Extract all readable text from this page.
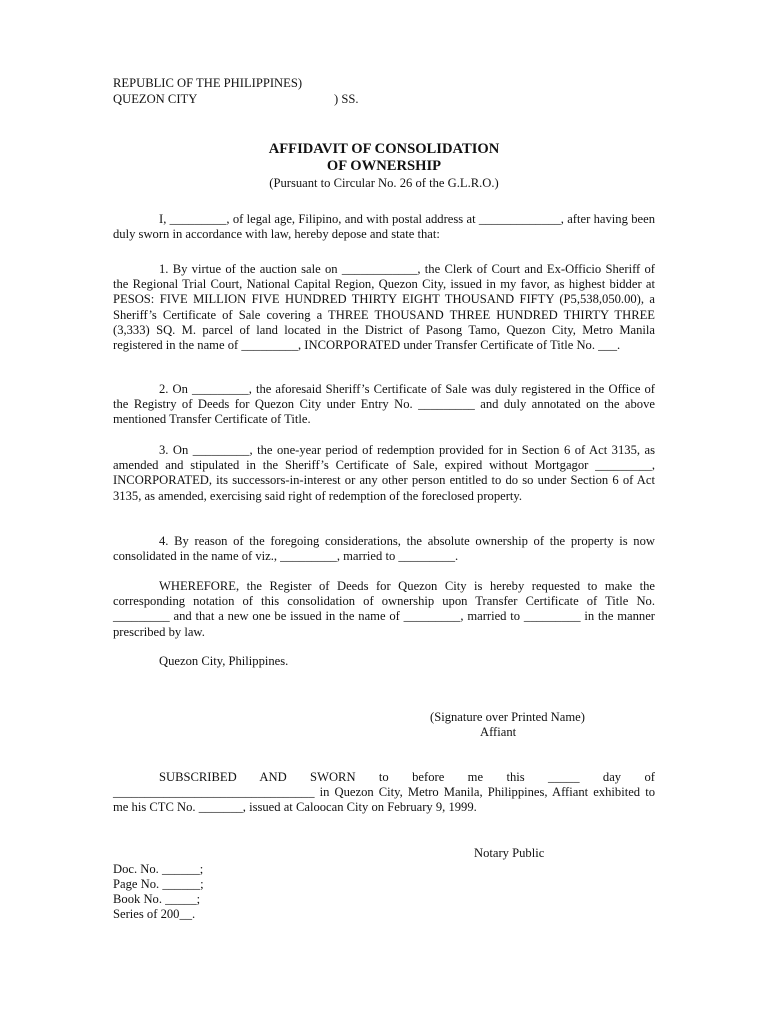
REPUBLIC OF THE PHILIPPINES)
QUEZON CITY	) SS.
AFFIDAVIT OF CONSOLIDATION
OF OWNERSHIP
(Pursuant to Circular No. 26 of the G.L.R.O.)

I, _________, of legal age, Filipino, and with postal address at _____________, after having been duly sworn in accordance with law, hereby depose and state that:

1. By virtue of the auction sale on ____________, the Clerk of Court and Ex-Officio Sheriff of the Regional Trial Court, National Capital Region, Quezon City, issued in my favor, as highest bidder at PESOS: FIVE MILLION FIVE HUNDRED THIRTY EIGHT THOUSAND FIFTY (P5,538,050.00), a Sheriff’s Certificate of Sale covering a THREE THOUSAND THREE HUNDRED THIRTY THREE (3,333) SQ. M. parcel of land located in the District of Pasong Tamo, Quezon City, Metro Manila registered in the name of _________, INCORPORATED under Transfer Certificate of Title No. ___.

2. On _________, the aforesaid Sheriff’s Certificate of Sale was duly registered in the Office of the Registry of Deeds for Quezon City under Entry No. _________ and duly annotated on the above mentioned Transfer Certificate of Title.

3. On _________, the one-year period of redemption provided for in Section 6 of Act 3135, as amended and stipulated in the Sheriff’s Certificate of Sale, expired without Mortgagor _________, INCORPORATED, its successors-in-interest or any other person entitled to do so under Section 6 of Act 3135, as amended, exercising said right of redemption of the foreclosed property.

4. By reason of the foregoing considerations, the absolute ownership of the property is now consolidated in the name of viz., _________, married to _________.

WHEREFORE, the Register of Deeds for Quezon City is hereby requested to make the corresponding notation of this consolidation of ownership upon Transfer Certificate of Title No. _________ and that a new one be issued in the name of _________, married to _________ in the manner prescribed by law.

Quezon City, Philippines.
(Signature over Printed Name)
Affiant

SUBSCRIBED AND SWORN to before me this _____ day of ________________________________ in Quezon City, Metro Manila, Philippines, Affiant exhibited to me his CTC No. _______, issued at Caloocan City on February 9, 1999.

Notary Public
Doc. No. ______;
Page No. ______;
Book No. _____;
Series of 200__.
